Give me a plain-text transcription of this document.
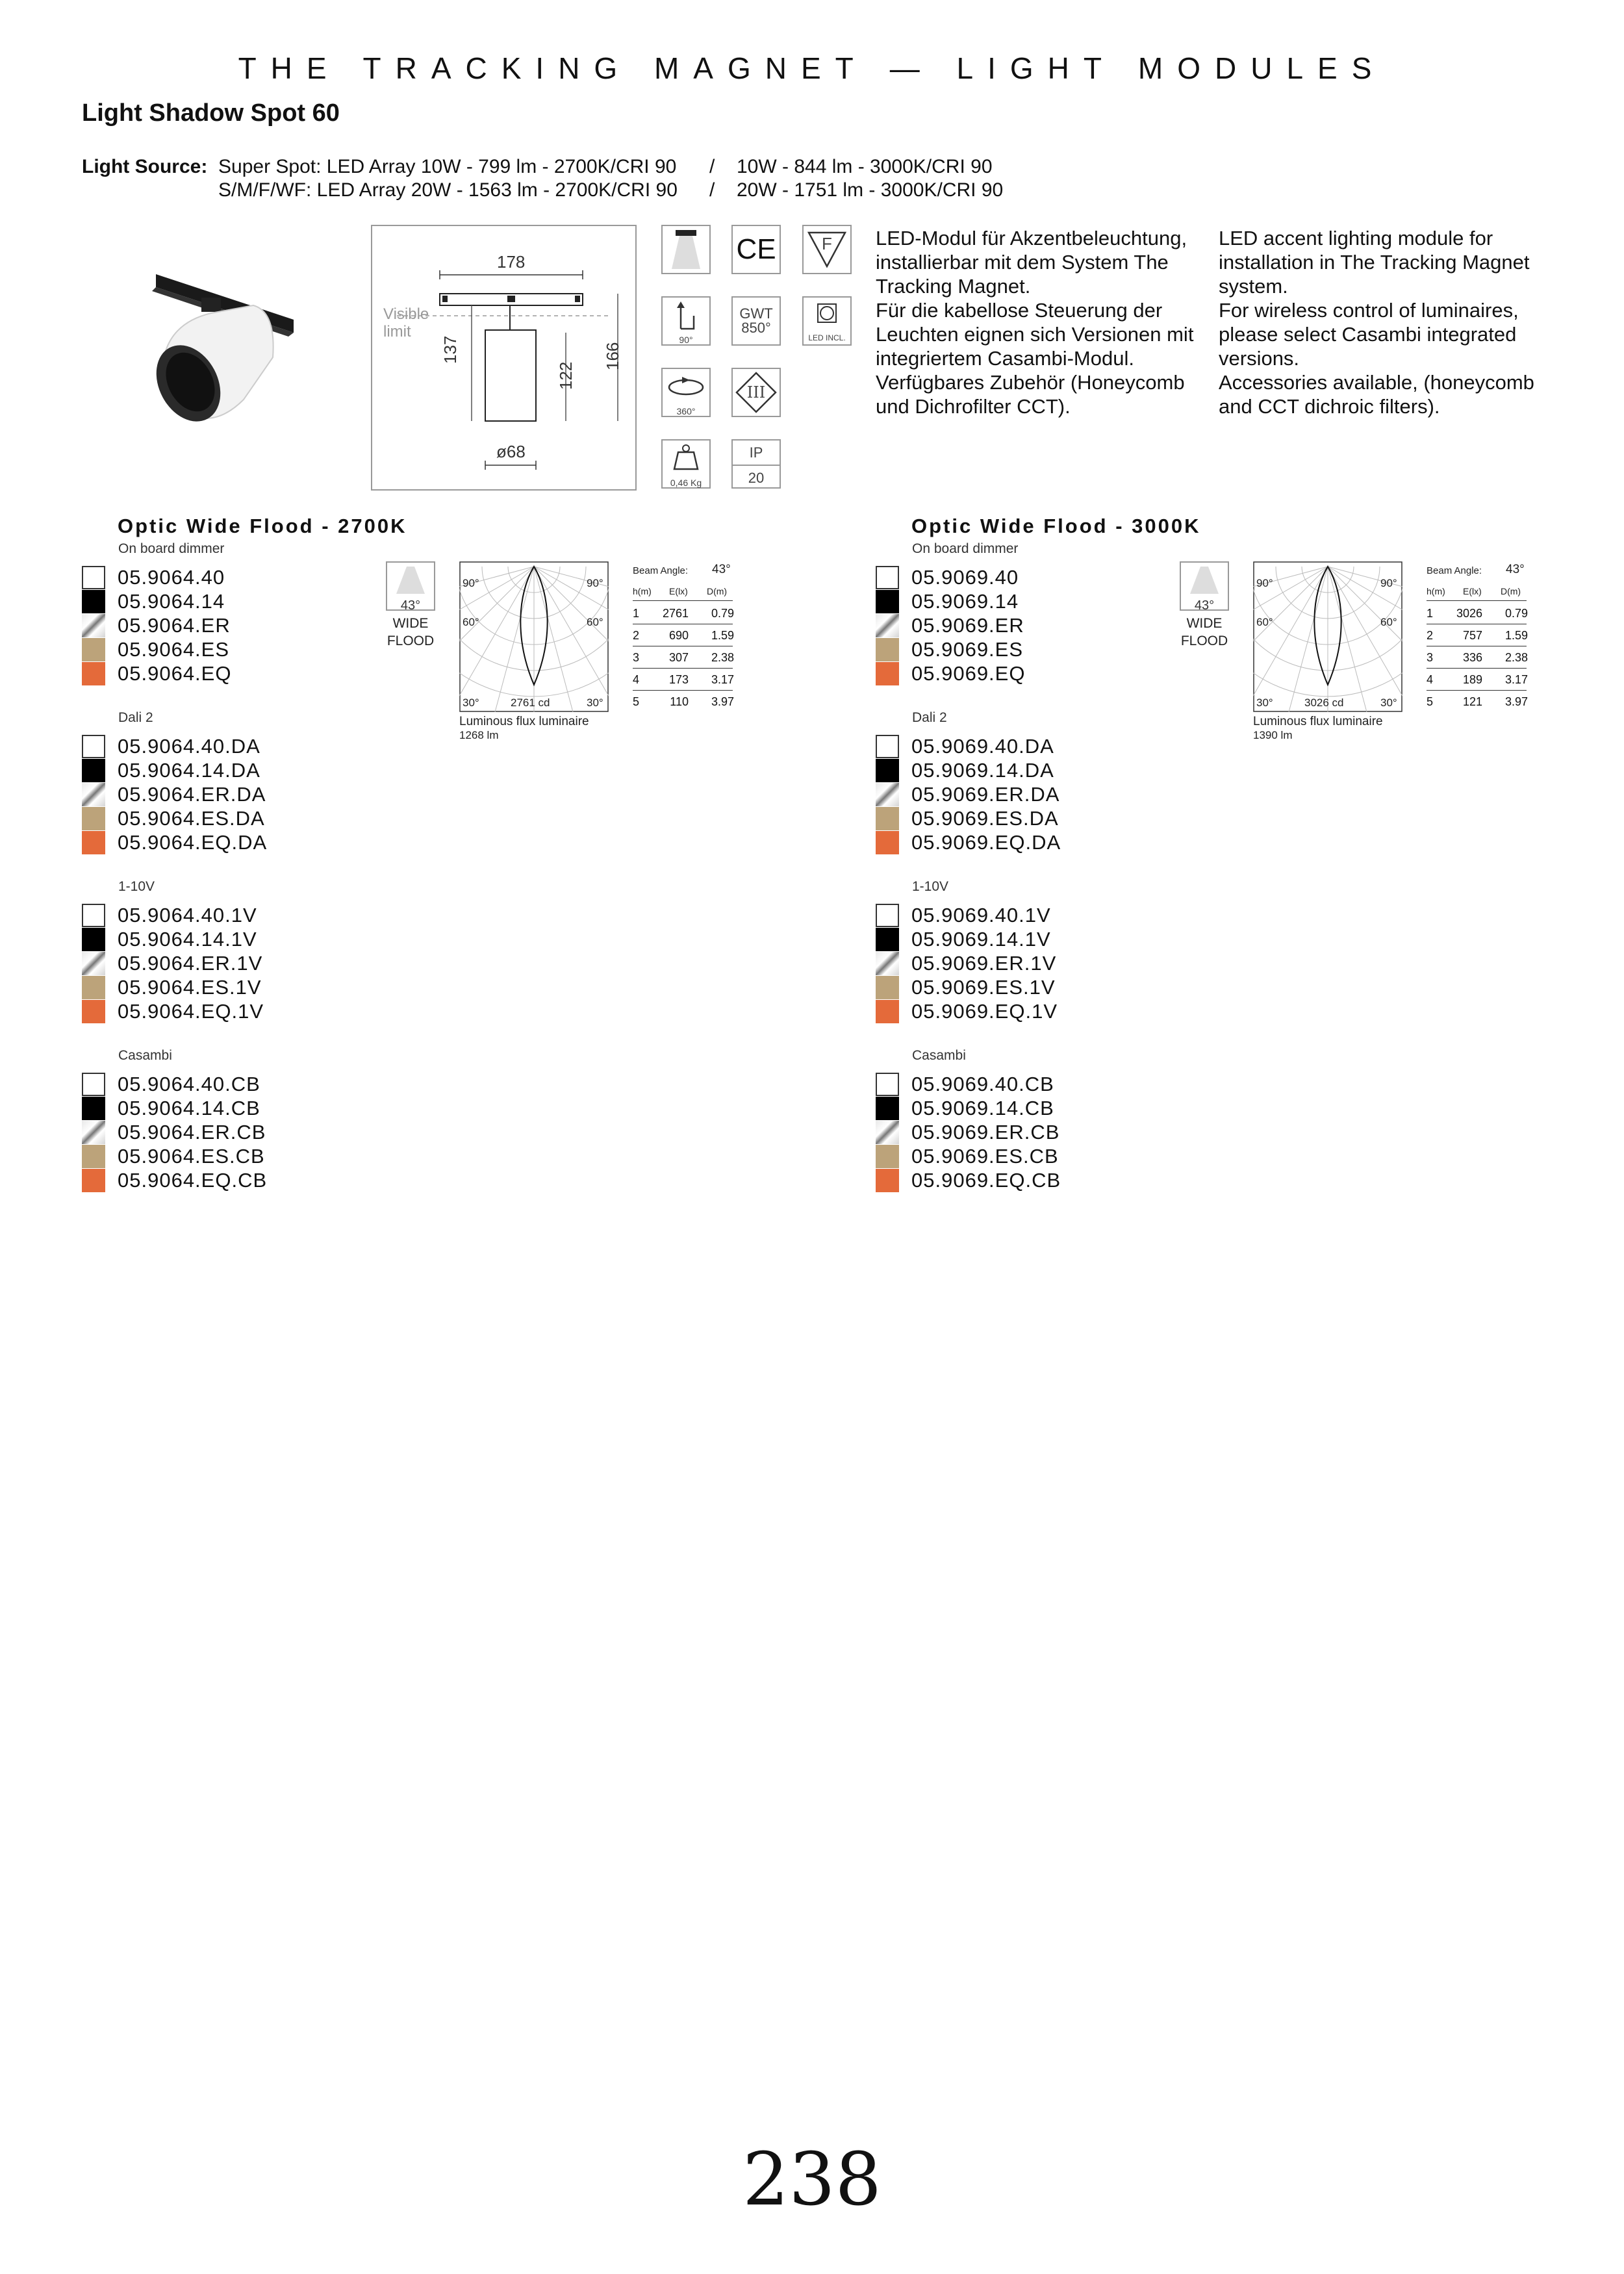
THE TRACKING MAGNET — LIGHT MODULES
Light Shadow Spot 60
Light Source: Super Spot: LED Array 10W - 799 lm - 2700K/CRI 90 / 10W - 844 lm - 3000K/CRI 90
S/M/F/WF: LED Array 20W - 1563 lm - 2700K/CRI 90 / 20W - 1751 lm - 3000K/CRI 90
178
Visible
limit
137
122
166
ø68
CE	F
90°
GWT
850°
LED INCL.
360°
III
0,46 Kg
IP
20
LED-Modul für Akzentbeleuchtung, installierbar mit dem System The Tracking Magnet.
Für die kabellose Steuerung der Leuchten eignen sich Versionen mit integriertem Casambi-Modul.
Verfügbares Zubehör (Honeycomb und Dichrofilter CCT).
LED accent lighting module for installation in The Tracking Magnet system.
For wireless control of luminaires, please select Casambi integrated versions.
Accessories available, (honeycomb and CCT dichroic filters).
Optic Wide Flood - 2700K
43°
WIDE
FLOOD
90°	90°
60°	60°
30°	30°
2761 cd
Luminous flux luminaire
1268 lm
Beam Angle: 43°
h(m) E(lx) D(m)
1 2761 0.79
2	690 1.59
3	307 2.38
4	173 3.17
5	110 3.97
On board dimmer
05.9064.40
05.9064.14
05.9064.ER
05.9064.ES
05.9064.EQ
Dali 2
05.9064.40.DA
05.9064.14.DA
05.9064.ER.DA
05.9064.ES.DA
05.9064.EQ.DA
1-10V
05.9064.40.1V
05.9064.14.1V
05.9064.ER.1V
05.9064.ES.1V
05.9064.EQ.1V
Casambi
05.9064.40.CB
05.9064.14.CB
05.9064.ER.CB
05.9064.ES.CB
05.9064.EQ.CB
Optic Wide Flood - 3000K
43°
WIDE
FLOOD
90°	90°
60°	60°
30°	30°
3026 cd
Luminous flux luminaire
1390 lm
Beam Angle: 43°
h(m) E(lx) D(m)
1 3026 0.79
2	757 1.59
3	336 2.38
4	189 3.17
5	121 3.97
On board dimmer
05.9069.40
05.9069.14
05.9069.ER
05.9069.ES
05.9069.EQ
Dali 2
05.9069.40.DA
05.9069.14.DA
05.9069.ER.DA
05.9069.ES.DA
05.9069.EQ.DA
1-10V
05.9069.40.1V
05.9069.14.1V
05.9069.ER.1V
05.9069.ES.1V
05.9069.EQ.1V
Casambi
05.9069.40.CB
05.9069.14.CB
05.9069.ER.CB
05.9069.ES.CB
05.9069.EQ.CB
238
